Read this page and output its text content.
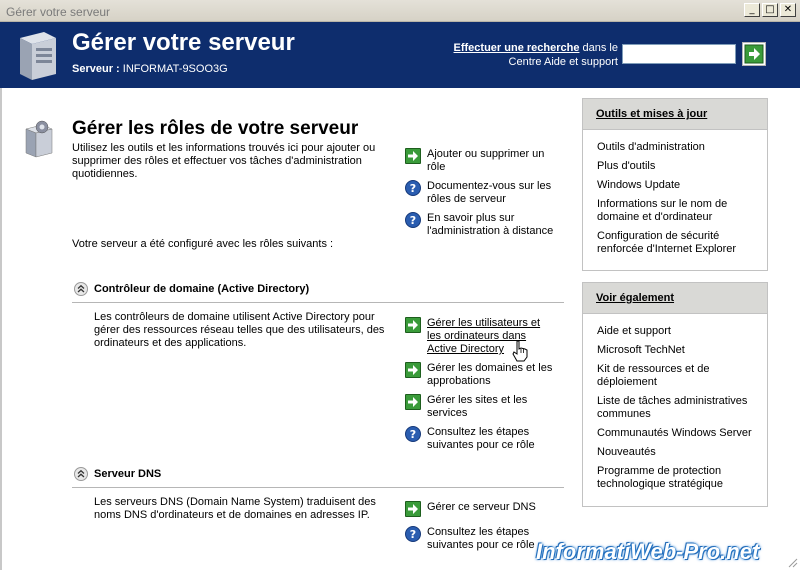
Gérer votre serveur	_	□ ✕
Gérer votre serveur
Serveur : INFORMAT-9SOO3G
Effectuer une recherche dans le
Centre Aide et support
Gérer les rôles de votre serveur
Utilisez les outils et les informations trouvés ici pour ajouter ou supprimer des rôles et effectuer vos tâches d'administration quotidiennes.
Ajouter ou supprimer un rôle
? Documentez-vous sur les rôles de serveur
? En savoir plus sur l'administration à distance
Votre serveur a été configuré avec les rôles suivants :
Contrôleur de domaine (Active Directory)
Les contrôleurs de domaine utilisent Active Directory pour gérer des ressources réseau telles que des utilisateurs, des ordinateurs et des applications.
Gérer les utilisateurs et les ordinateurs dans Active Directory
Gérer les domaines et les approbations
Gérer les sites et les services
? Consultez les étapes suivantes pour ce rôle
Serveur DNS
Les serveurs DNS (Domain Name System) traduisent des noms DNS d'ordinateurs et de domaines en adresses IP.
Gérer ce serveur DNS
? Consultez les étapes suivantes pour ce rôle
Outils et mises à jour
Outils d'administration
Plus d'outils
Windows Update
Informations sur le nom de domaine et d'ordinateur
Configuration de sécurité renforcée d'Internet Explorer
Voir également
Aide et support
Microsoft TechNet
Kit de ressources et de déploiement
Liste de tâches administratives communes
Communautés Windows Server
Nouveautés
Programme de protection technologique stratégique
InformatiWeb-Pro.net
